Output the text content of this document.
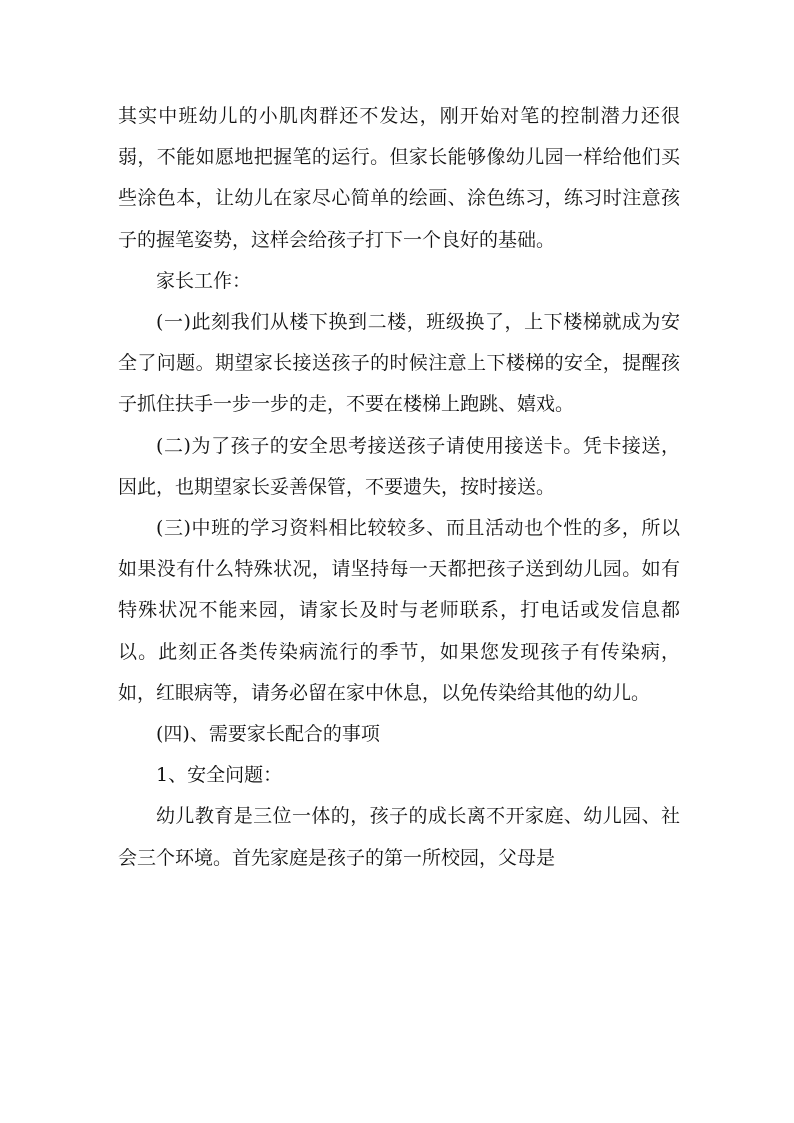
其实中班幼儿的小肌肉群还不发达，刚开始对笔的控制潜力还很弱，不能如愿地把握笔的运行。但家长能够像幼儿园一样给他们买些涂色本，让幼儿在家尽心简单的绘画、涂色练习，练习时注意孩子的握笔姿势，这样会给孩子打下一个良好的基础。

家长工作：

(一)此刻我们从楼下换到二楼，班级换了，上下楼梯就成为安全了问题。期望家长接送孩子的时候注意上下楼梯的安全，提醒孩子抓住扶手一步一步的走，不要在楼梯上跑跳、嬉戏。

(二)为了孩子的安全思考接送孩子请使用接送卡。凭卡接送，因此，也期望家长妥善保管，不要遗失，按时接送。

(三)中班的学习资料相比较较多、而且活动也个性的多，所以如果没有什么特殊状况，请坚持每一天都把孩子送到幼儿园。如有特殊状况不能来园，请家长及时与老师联系，打电话或发信息都以。此刻正各类传染病流行的季节，如果您发现孩子有传染病，如，红眼病等，请务必留在家中休息，以免传染给其他的幼儿。

(四)、需要家长配合的事项

1、安全问题：

幼儿教育是三位一体的，孩子的成长离不开家庭、幼儿园、社会三个环境。首先家庭是孩子的第一所校园，父母是
